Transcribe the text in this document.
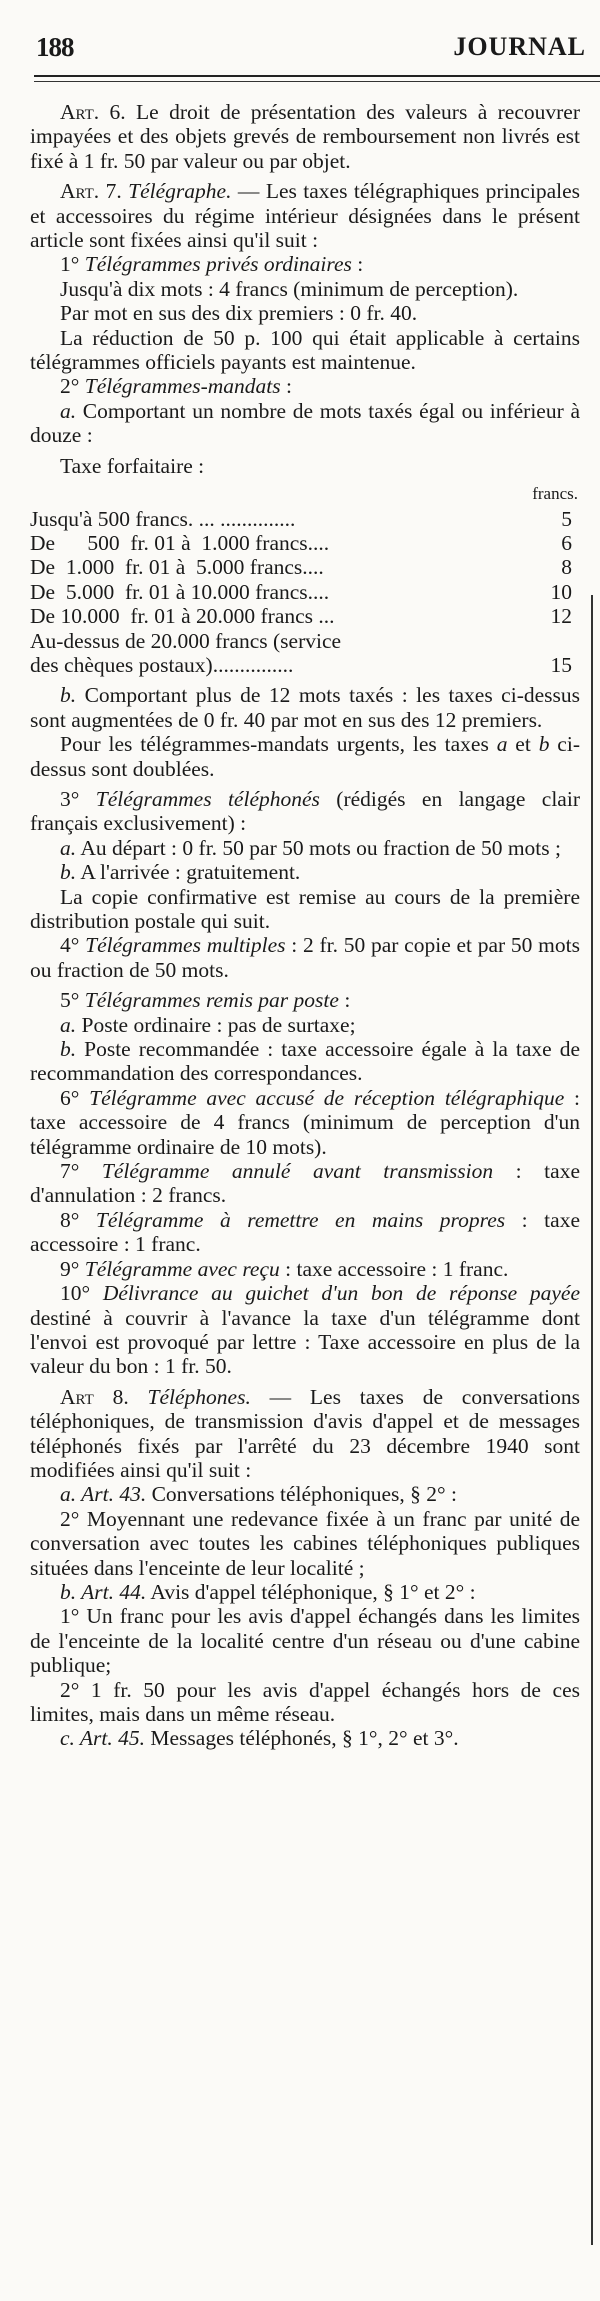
188	JOURNAL

Art. 6. Le droit de présentation des valeurs à recouvrer impayées et des objets grevés de remboursement non livrés est fixé à 1 fr. 50 par valeur ou par objet.

Art. 7. Télégraphe. — Les taxes télégraphiques principales et accessoires du régime intérieur désignées dans le présent article sont fixées ainsi qu'il suit :

1° Télégrammes privés ordinaires :

Jusqu'à dix mots : 4 francs (minimum de perception).

Par mot en sus des dix premiers : 0 fr. 40.

La réduction de 50 p. 100 qui était applicable à certains télégrammes officiels payants est maintenue.

2° Télégrammes-mandats :

a. Comportant un nombre de mots taxés égal ou inférieur à douze :

Taxe forfaitaire :

francs.
Jusqu'à 500 francs. ... ..............	5
De      500  fr. 01 à  1.000 francs....	6
De  1.000  fr. 01 à  5.000 francs....	8
De  5.000  fr. 01 à 10.000 francs....	10
De 10.000  fr. 01 à 20.000 francs ...	12
Au-dessus de 20.000 francs (service	
des chèques postaux)...............	15

b. Comportant plus de 12 mots taxés : les taxes ci-dessus sont augmentées de 0 fr. 40 par mot en sus des 12 premiers.

Pour les télégrammes-mandats urgents, les taxes a et b ci-dessus sont doublées.

3° Télégrammes téléphonés (rédigés en langage clair français exclusivement) :

a. Au départ : 0 fr. 50 par 50 mots ou fraction de 50 mots ;

b. A l'arrivée : gratuitement.

La copie confirmative est remise au cours de la première distribution postale qui suit.

4° Télégrammes multiples : 2 fr. 50 par copie et par 50 mots ou fraction de 50 mots.

5° Télégrammes remis par poste :

a. Poste ordinaire : pas de surtaxe;

b. Poste recommandée : taxe accessoire égale à la taxe de recommandation des correspondances.

6° Télégramme avec accusé de réception télégraphique : taxe accessoire de 4 francs (minimum de perception d'un télégramme ordinaire de 10 mots).

7° Télégramme annulé avant transmission : taxe d'annulation : 2 francs.

8° Télégramme à remettre en mains propres : taxe accessoire : 1 franc.

9° Télégramme avec reçu : taxe accessoire : 1 franc.

10° Délivrance au guichet d'un bon de réponse payée destiné à couvrir à l'avance la taxe d'un télégramme dont l'envoi est provoqué par lettre : Taxe accessoire en plus de la valeur du bon : 1 fr. 50.

Art 8. Téléphones. — Les taxes de conversations téléphoniques, de transmission d'avis d'appel et de messages téléphonés fixés par l'arrêté du 23 décembre 1940 sont modifiées ainsi qu'il suit :

a. Art. 43. Conversations téléphoniques, § 2° :

2° Moyennant une redevance fixée à un franc par unité de conversation avec toutes les cabines téléphoniques publiques situées dans l'enceinte de leur localité ;

b. Art. 44. Avis d'appel téléphonique, § 1° et 2° :

1° Un franc pour les avis d'appel échangés dans les limites de l'enceinte de la localité centre d'un réseau ou d'une cabine publique;

2° 1 fr. 50 pour les avis d'appel échangés hors de ces limites, mais dans un même réseau.

c. Art. 45. Messages téléphonés, § 1°, 2° et 3°.
